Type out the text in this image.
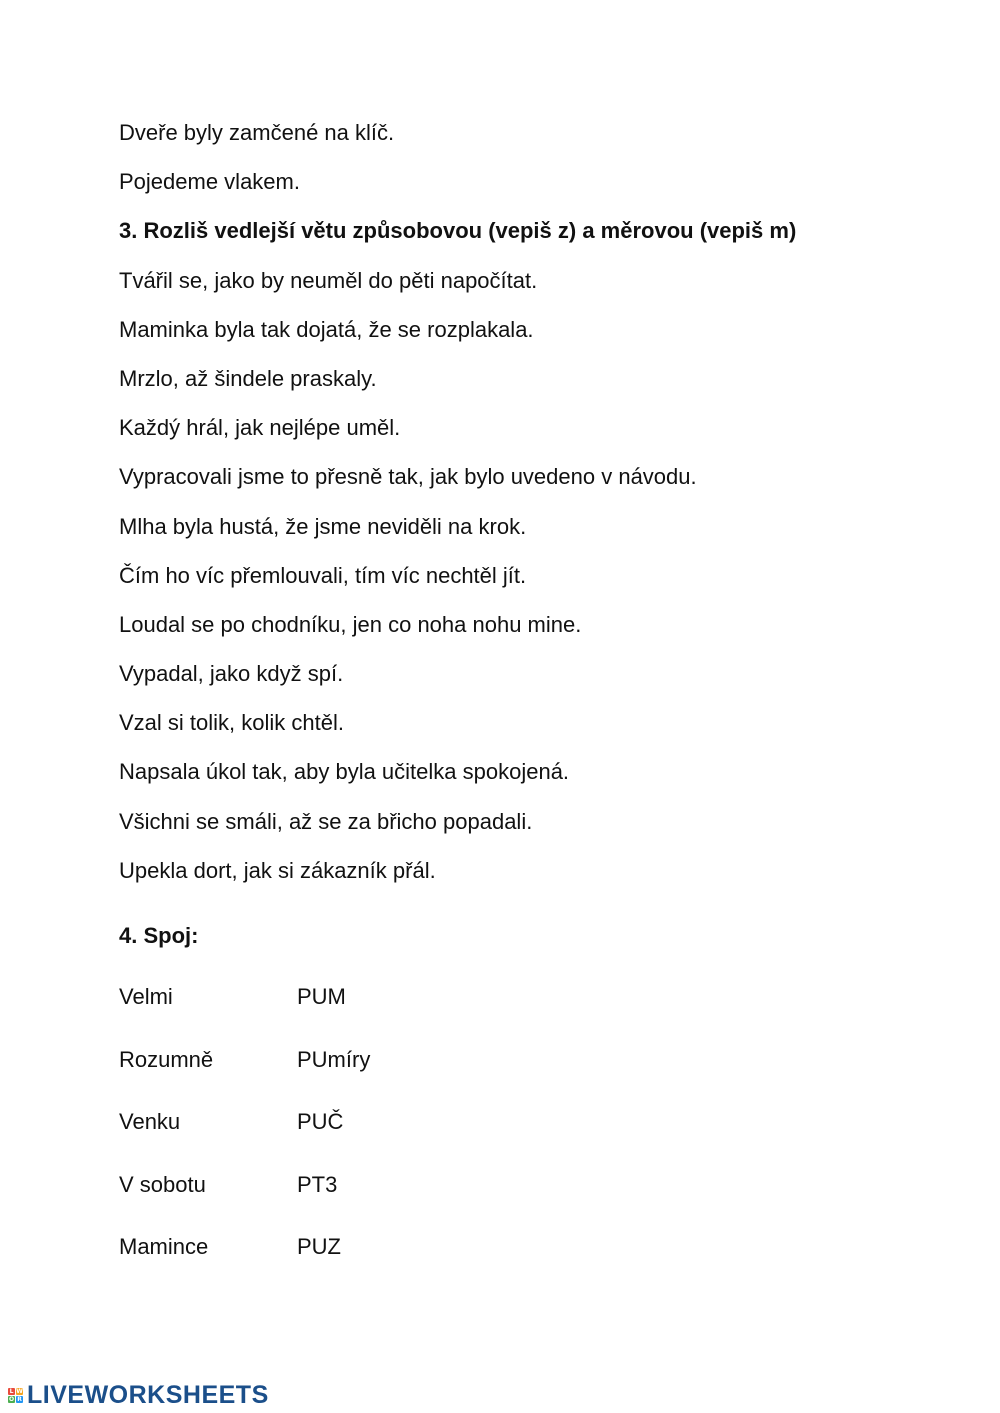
Dveře byly zamčené na klíč.
Pojedeme vlakem.
3. Rozliš vedlejší větu způsobovou (vepiš z) a měrovou (vepiš m)
Tvářil se, jako by neuměl do pěti napočítat.
Maminka byla tak dojatá, že se rozplakala.
Mrzlo, až šindele praskaly.
Každý hrál, jak nejlépe uměl.
Vypracovali jsme to přesně tak, jak bylo uvedeno v návodu.
Mlha byla hustá, že jsme neviděli na krok.
Čím ho víc přemlouvali, tím víc nechtěl jít.
Loudal se po chodníku, jen co noha nohu mine.
Vypadal, jako když spí.
Vzal si tolik, kolik chtěl.
Napsala úkol tak, aby byla učitelka spokojená.
Všichni se smáli, až se za břicho popadali.
Upekla dort, jak si zákazník přál.
4. Spoj:
Velmi	PUM
Rozumně	PUmíry
Venku	PUČ
V sobotu	PT3
Mamince	PUZ
L W
O R LIVEWORKSHEETS
